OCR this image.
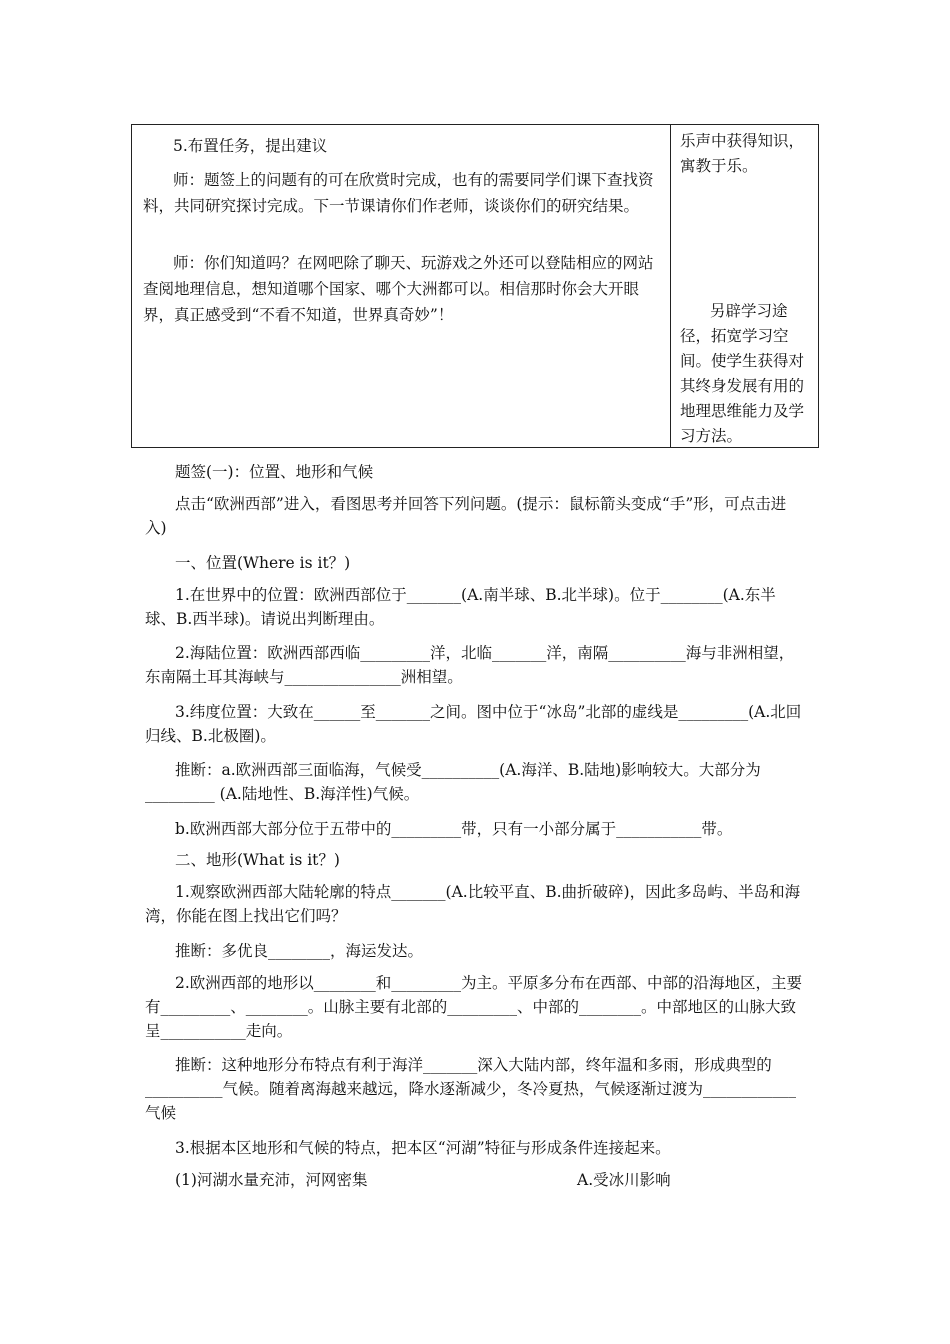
5.布置任务，提出建议
师：题签上的问题有的可在欣赏时完成，也有的需要同学们课下查找资料，共同研究探讨完成。下一节课请你们作老师，谈谈你们的研究结果。
师：你们知道吗？在网吧除了聊天、玩游戏之外还可以登陆相应的网站查阅地理信息，想知道哪个国家、哪个大洲都可以。相信那时你会大开眼界，真正感受到“不看不知道，世界真奇妙”！
乐声中获得知识，寓教于乐。
另辟学习途径，拓宽学习空间。使学生获得对其终身发展有用的地理思维能力及学习方法。
题签(一)：位置、地形和气候
点击“欧洲西部”进入，看图思考并回答下列问题。(提示：鼠标箭头变成“手”形，可点击进入)
一、位置(Where is it？)
1.在世界中的位置：欧洲西部位于_______(A.南半球、B.北半球)。位于________(A.东半球、B.西半球)。请说出判断理由。
2.海陆位置：欧洲西部西临_________洋，北临_______洋，南隔__________海与非洲相望，东南隔土耳其海峡与_______________洲相望。
3.纬度位置：大致在______至_______之间。图中位于“冰岛”北部的虚线是_________(A.北回归线、B.北极圈)。
推断：a.欧洲西部三面临海，气候受__________(A.海洋、B.陆地)影响较大。大部分为_________ (A.陆地性、B.海洋性)气候。
b.欧洲西部大部分位于五带中的_________带，只有一小部分属于___________带。
二、地形(What is it？)
1.观察欧洲西部大陆轮廓的特点_______(A.比较平直、B.曲折破碎)，因此多岛屿、半岛和海湾，你能在图上找出它们吗？
推断：多优良________，海运发达。
2.欧洲西部的地形以________和_________为主。平原多分布在西部、中部的沿海地区，主要有_________、________。山脉主要有北部的_________、中部的________。中部地区的山脉大致呈___________走向。
推断：这种地形分布特点有利于海洋_______深入大陆内部，终年温和多雨，形成典型的__________气候。随着离海越来越远，降水逐渐减少，冬冷夏热，气候逐渐过渡为____________气候
3.根据本区地形和气候的特点，把本区“河湖”特征与形成条件连接起来。
(1)河湖水量充沛，河网密集	A.受冰川影响
